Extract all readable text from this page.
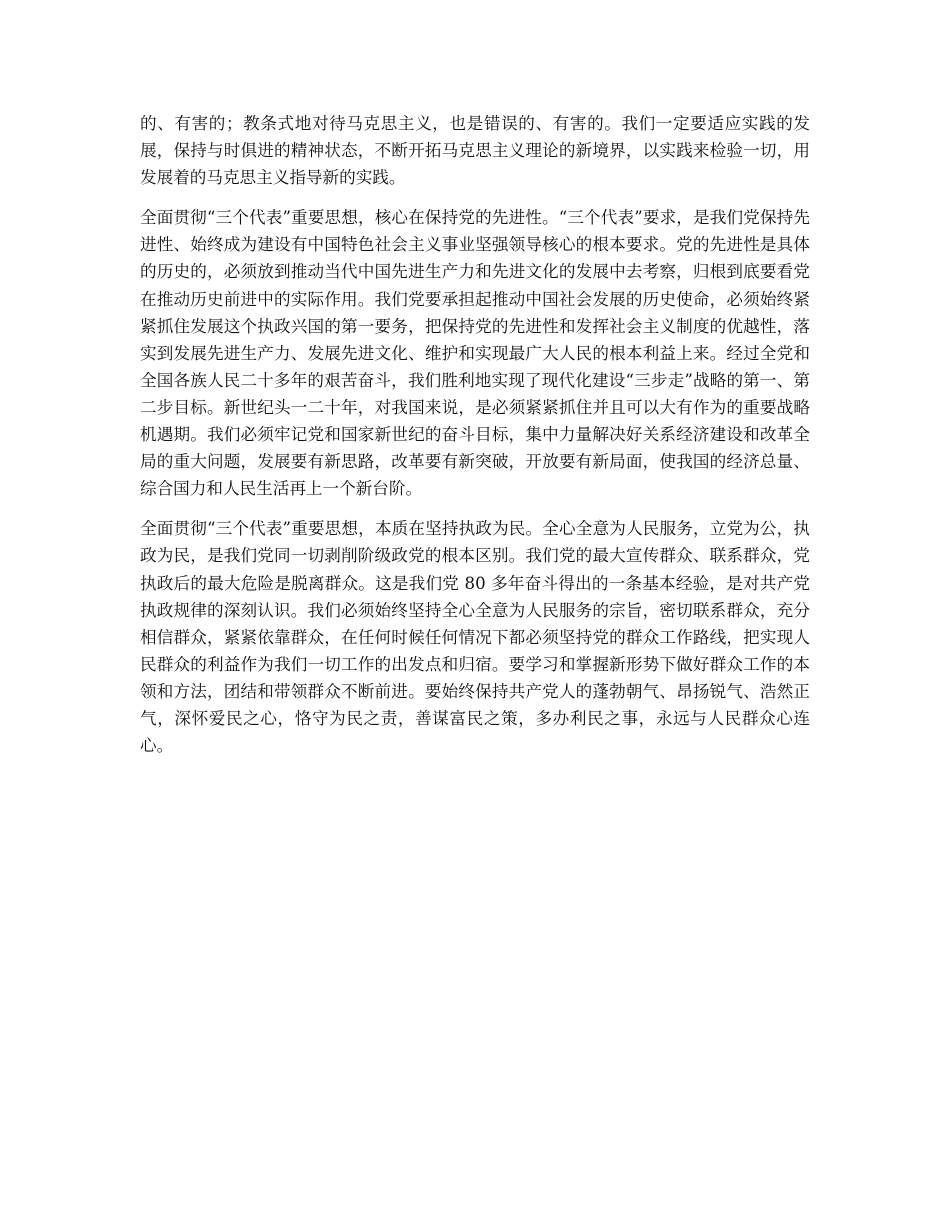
的、有害的；教条式地对待马克思主义，也是错误的、有害的。我们一定要适应实践的发展，保持与时俱进的精神状态，不断开拓马克思主义理论的新境界，以实践来检验一切，用发展着的马克思主义指导新的实践。

全面贯彻“三个代表”重要思想，核心在保持党的先进性。“三个代表”要求，是我们党保持先进性、始终成为建设有中国特色社会主义事业坚强领导核心的根本要求。党的先进性是具体的历史的，必须放到推动当代中国先进生产力和先进文化的发展中去考察，归根到底要看党在推动历史前进中的实际作用。我们党要承担起推动中国社会发展的历史使命，必须始终紧紧抓住发展这个执政兴国的第一要务，把保持党的先进性和发挥社会主义制度的优越性，落实到发展先进生产力、发展先进文化、维护和实现最广大人民的根本利益上来。经过全党和全国各族人民二十多年的艰苦奋斗，我们胜利地实现了现代化建设“三步走”战略的第一、第二步目标。新世纪头一二十年，对我国来说，是必须紧紧抓住并且可以大有作为的重要战略机遇期。我们必须牢记党和国家新世纪的奋斗目标，集中力量解决好关系经济建设和改革全局的重大问题，发展要有新思路，改革要有新突破，开放要有新局面，使我国的经济总量、综合国力和人民生活再上一个新台阶。

全面贯彻“三个代表”重要思想，本质在坚持执政为民。全心全意为人民服务，立党为公，执政为民，是我们党同一切剥削阶级政党的根本区别。我们党的最大宣传群众、联系群众，党执政后的最大危险是脱离群众。这是我们党 80 多年奋斗得出的一条基本经验，是对共产党执政规律的深刻认识。我们必须始终坚持全心全意为人民服务的宗旨，密切联系群众，充分相信群众，紧紧依靠群众，在任何时候任何情况下都必须坚持党的群众工作路线，把实现人民群众的利益作为我们一切工作的出发点和归宿。要学习和掌握新形势下做好群众工作的本领和方法，团结和带领群众不断前进。要始终保持共产党人的蓬勃朝气、昂扬锐气、浩然正气，深怀爱民之心，恪守为民之责，善谋富民之策，多办利民之事，永远与人民群众心连心。
